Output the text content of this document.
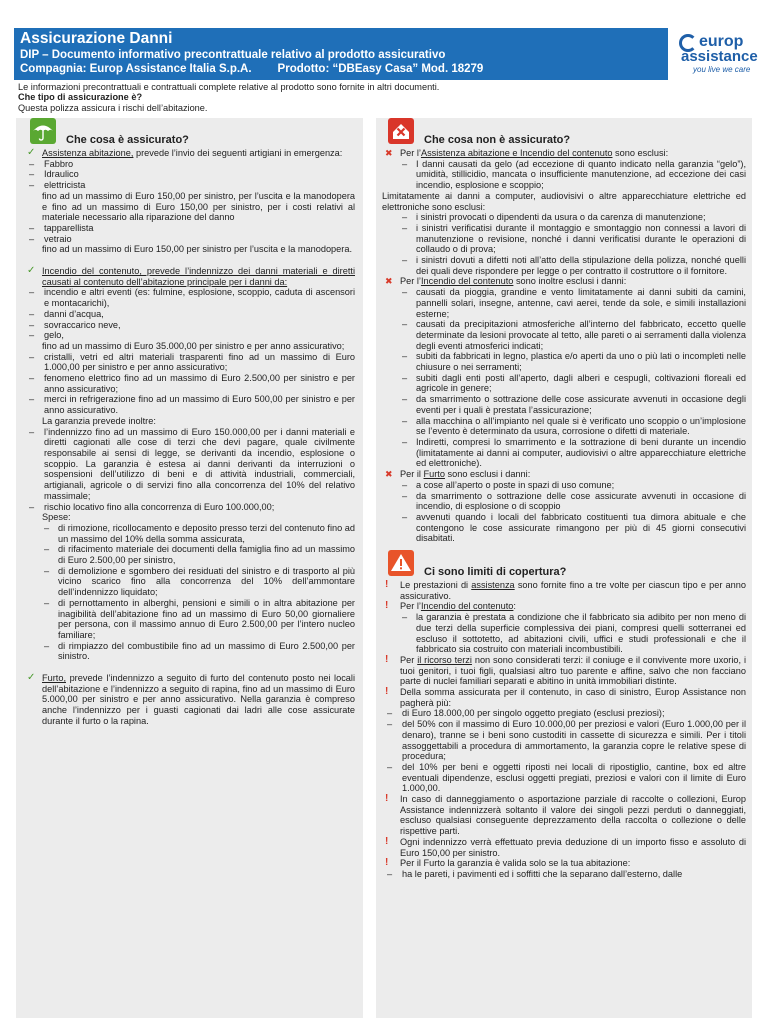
Assicurazione Danni
DIP – Documento informativo precontrattuale relativo al prodotto assicurativo
Compagnia: Europ Assistance Italia S.p.A. Prodotto: “DBEasy Casa” Mod. 18279
europ
assistance
you live we care
Le informazioni precontrattuali e contrattuali complete relative al prodotto sono fornite in altri documenti.
Che tipo di assicurazione è?
Questa polizza assicura i rischi dell’abitazione.
Che cosa è assicurato?
✓ Assistenza abitazione, prevede l’invio dei seguenti artigiani in emergenza:
– Fabbro
– Idraulico
– elettricista
fino ad un massimo di Euro 150,00 per sinistro, per l’uscita e la manodopera e fino ad un massimo di Euro 150,00 per sinistro, per i costi relativi al materiale necessario alla riparazione del danno
– tapparellista
– vetraio
fino ad un massimo di Euro 150,00 per sinistro per l’uscita e la manodopera.
✓ Incendio del contenuto, prevede l’indennizzo dei danni materiali e diretti causati al contenuto dell’abitazione principale per i danni da:
– incendio e altri eventi (es: fulmine, esplosione, scoppio, caduta di ascensori e montacarichi),
– danni d’acqua,
– sovraccarico neve,
– gelo,
fino ad un massimo di Euro 35.000,00 per sinistro e per anno assicurativo;
– cristalli, vetri ed altri materiali trasparenti fino ad un massimo di Euro 1.000,00 per sinistro e per anno assicurativo;
– fenomeno elettrico fino ad un massimo di Euro 2.500,00 per sinistro e per anno assicurativo;
– merci in refrigerazione fino ad un massimo di Euro 500,00 per sinistro e per anno assicurativo.
La garanzia prevede inoltre:
– l’indennizzo fino ad un massimo di Euro 150.000,00 per i danni materiali e diretti cagionati alle cose di terzi che devi pagare, quale civilmente responsabile ai sensi di legge, se derivanti da incendio, esplosione o scoppio. La garanzia è estesa ai danni derivanti da interruzioni o sospensioni dell’utilizzo di beni e di attività industriali, commerciali, artigianali, agricole o di servizi fino alla concorrenza del 10% del relativo massimale;
– rischio locativo fino alla concorrenza di Euro 100.000,00;
Spese:
– di rimozione, ricollocamento e deposito presso terzi del contenuto fino ad un massimo del 10% della somma assicurata,
– di rifacimento materiale dei documenti della famiglia fino ad un massimo di Euro 2.500,00 per sinistro,
– di demolizione e sgombero dei residuati del sinistro e di trasporto al più vicino scarico fino alla concorrenza del 10% dell’ammontare dell’indennizzo liquidato;
– di pernottamento in alberghi, pensioni e simili o in altra abitazione per inagibilità dell’abitazione fino ad un massimo di Euro 50,00 giornaliere per persona, con il massimo annuo di Euro 2.500,00 per l’intero nucleo familiare;
– di rimpiazzo del combustibile fino ad un massimo di Euro 2.500,00 per sinistro.
✓ Furto, prevede l’indennizzo a seguito di furto del contenuto posto nei locali dell’abitazione e l’indennizzo a seguito di rapina, fino ad un massimo di Euro 5.000,00 per sinistro e per anno assicurativo. Nella garanzia è compreso anche l’indennizzo per i guasti cagionati dai ladri alle cose assicurate durante il furto o la rapina.
Che cosa non è assicurato?
✖ Per l’Assistenza abitazione e Incendio del contenuto sono esclusi:
– I danni causati da gelo (ad eccezione di quanto indicato nella garanzia “gelo”), umidità, stillicidio, mancata o insufficiente manutenzione, ad eccezione dei casi incendio, esplosione e scoppio;
Limitatamente ai danni a computer, audiovisivi o altre apparecchiature elettriche ed elettroniche sono esclusi:
– i sinistri provocati o dipendenti da usura o da carenza di manutenzione;
– i sinistri verificatisi durante il montaggio e smontaggio non connessi a lavori di manutenzione o revisione, nonché i danni verificatisi durante le operazioni di collaudo o di prova;
– i sinistri dovuti a difetti noti all’atto della stipulazione della polizza, nonché quelli dei quali deve rispondere per legge o per contratto il costruttore o il fornitore.
✖ Per l’Incendio del contenuto sono inoltre esclusi i danni:
– causati da pioggia, grandine e vento limitatamente ai danni subiti da camini, pannelli solari, insegne, antenne, cavi aerei, tende da sole, e simili installazioni esterne;
– causati da precipitazioni atmosferiche all’interno del fabbricato, eccetto quelle determinate da lesioni provocate al tetto, alle pareti o ai serramenti dalla violenza degli eventi atmosferici indicati;
– subiti da fabbricati in legno, plastica e/o aperti da uno o più lati o incompleti nelle chiusure o nei serramenti;
– subiti dagli enti posti all’aperto, dagli alberi e cespugli, coltivazioni floreali ed agricole in genere;
– da smarrimento o sottrazione delle cose assicurate avvenuti in occasione degli eventi per i quali è prestata l’assicurazione;
– alla macchina o all’impianto nel quale si è verificato uno scoppio o un’implosione se l’evento è determinato da usura, corrosione o difetti di materiale.
– Indiretti, compresi lo smarrimento e la sottrazione di beni durante un incendio (limitatamente ai danni ai computer, audiovisivi o altre apparecchiature elettriche ed elettroniche).
✖ Per il Furto sono esclusi i danni:
– a cose all’aperto o poste in spazi di uso comune;
– da smarrimento o sottrazione delle cose assicurate avvenuti in occasione di incendio, di esplosione o di scoppio
– avvenuti quando i locali del fabbricato costituenti tua dimora abituale e che contengono le cose assicurate rimangono per più di 45 giorni consecutivi disabitati.
Ci sono limiti di copertura?
! Le prestazioni di assistenza sono fornite fino a tre volte per ciascun tipo e per anno assicurativo.
! Per l’Incendio del contenuto:
– la garanzia è prestata a condizione che il fabbricato sia adibito per non meno di due terzi della superficie complessiva dei piani, compresi quelli sotterranei ed escluso il sottotetto, ad abitazioni civili, uffici e studi professionali e che il fabbricato sia costruito con materiali incombustibili.
! Per il ricorso terzi non sono considerati terzi: il coniuge e il convivente more uxorio, i tuoi genitori, i tuoi figli, qualsiasi altro tuo parente e affine, salvo che non facciano parte di nuclei familiari separati e abitino in unità immobiliari distinte.
! Della somma assicurata per il contenuto, in caso di sinistro, Europ Assistance non pagherà più:
– di Euro 18.000,00 per singolo oggetto pregiato (esclusi preziosi);
– del 50% con il massimo di Euro 10.000,00 per preziosi e valori (Euro 1.000,00 per il denaro), tranne se i beni sono custoditi in cassette di sicurezza e simili. Per i titoli assoggettabili a procedura di ammortamento, la garanzia copre le relative spese di procedura;
– del 10% per beni e oggetti riposti nei locali di ripostiglio, cantine, box ed altre eventuali dipendenze, esclusi oggetti pregiati, preziosi e valori con il limite di Euro 1.000,00.
! In caso di danneggiamento o asportazione parziale di raccolte o collezioni, Europ Assistance indennizzerà soltanto il valore dei singoli pezzi perduti o danneggiati, escluso qualsiasi conseguente deprezzamento della raccolta o collezione o delle rispettive parti.
! Ogni indennizzo verrà effettuato previa deduzione di un importo fisso e assoluto di Euro 150,00 per sinistro.
! Per il Furto la garanzia è valida solo se la tua abitazione:
– ha le pareti, i pavimenti ed i soffitti che la separano dall’esterno, dalle
